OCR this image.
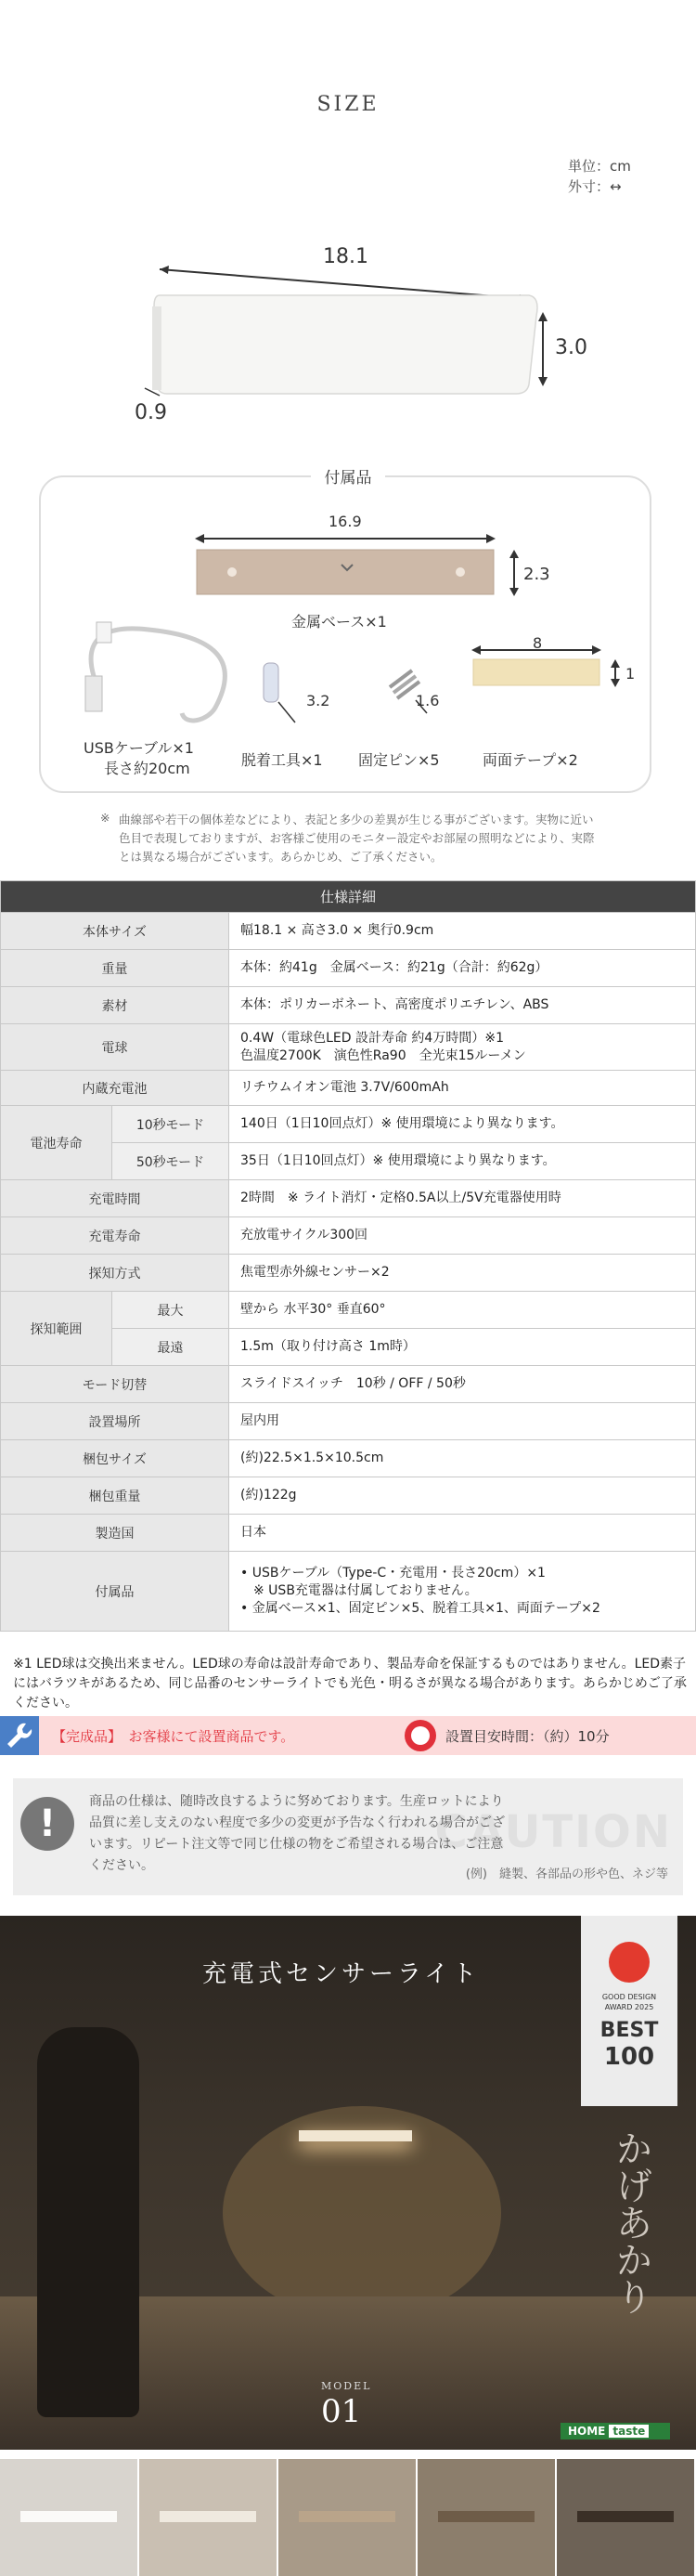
SIZE
単位：cm
外寸：↔
18.1
3.0
0.9
付属品
16.9
2.3
金属ベース×1
USBケーブル×1
長さ約20cm
3.2
脱着工具×1
1.6
固定ピン×5
8
1
両面テープ×2
※ 曲線部や若干の個体差などにより、表記と多少の差異が生じる事がございます。実物に近い色目で表現しておりますが、お客様ご使用のモニター設定やお部屋の照明などにより、実際とは異なる場合がございます。あらかじめ、ご了承ください。
仕様詳細		
本体サイズ		幅18.1 × 高さ3.0 × 奥行0.9cm
重量		本体：約41g　金属ベース：約21g（合計：約62g）
素材		本体：ポリカーボネート、高密度ポリエチレン、ABS
電球		0.4W（電球色LED 設計寿命 約4万時間）※1
色温度2700K　演色性Ra90　全光束15ルーメン

内蔵充電池		リチウムイオン電池 3.7V/600mAh
電池寿命	10秒モード	140日（1日10回点灯）※ 使用環境により異なります。
	50秒モード	35日（1日10回点灯）※ 使用環境により異なります。
充電時間		2時間　※ ライト消灯・定格0.5A以上/5V充電器使用時
充電寿命		充放電サイクル300回
探知方式		焦電型赤外線センサー×2
探知範囲	最大	壁から 水平30° 垂直60°
	最遠	1.5m（取り付け高さ 1m時）
モード切替		スライドスイッチ　10秒 / OFF / 50秒
設置場所		屋内用
梱包サイズ		(約)22.5×1.5×10.5cm
梱包重量		(約)122g
製造国		日本
付属品		• USBケーブル（Type-C・充電用・長さ20cm）×1
※ USB充電器は付属しておりません。
• 金属ベース×1、固定ピン×5、脱着工具×1、両面テープ×2
※1 LED球は交換出来ません。LED球の寿命は設計寿命であり、製品寿命を保証するものではありません。LED素子にはバラツキがあるため、同じ品番のセンサーライトでも光色・明るさが異なる場合があります。あらかじめご了承ください。
【完成品】　お客様にて設置商品です。	設置目安時間：（約）10分
!	CAUTION
商品の仕様は、随時改良するように努めております。生産ロットにより品質に差し支えのない程度で多少の変更が予告なく行われる場合がございます。リピート注文等で同じ仕様の物をご希望される場合は、ご注意ください。
(例)　縫製、各部品の形や色、ネジ等
充電式センサーライト
GOOD DESIGN
AWARD 2025
BEST
100
かげあかり
MODEL
01
HOME taste
